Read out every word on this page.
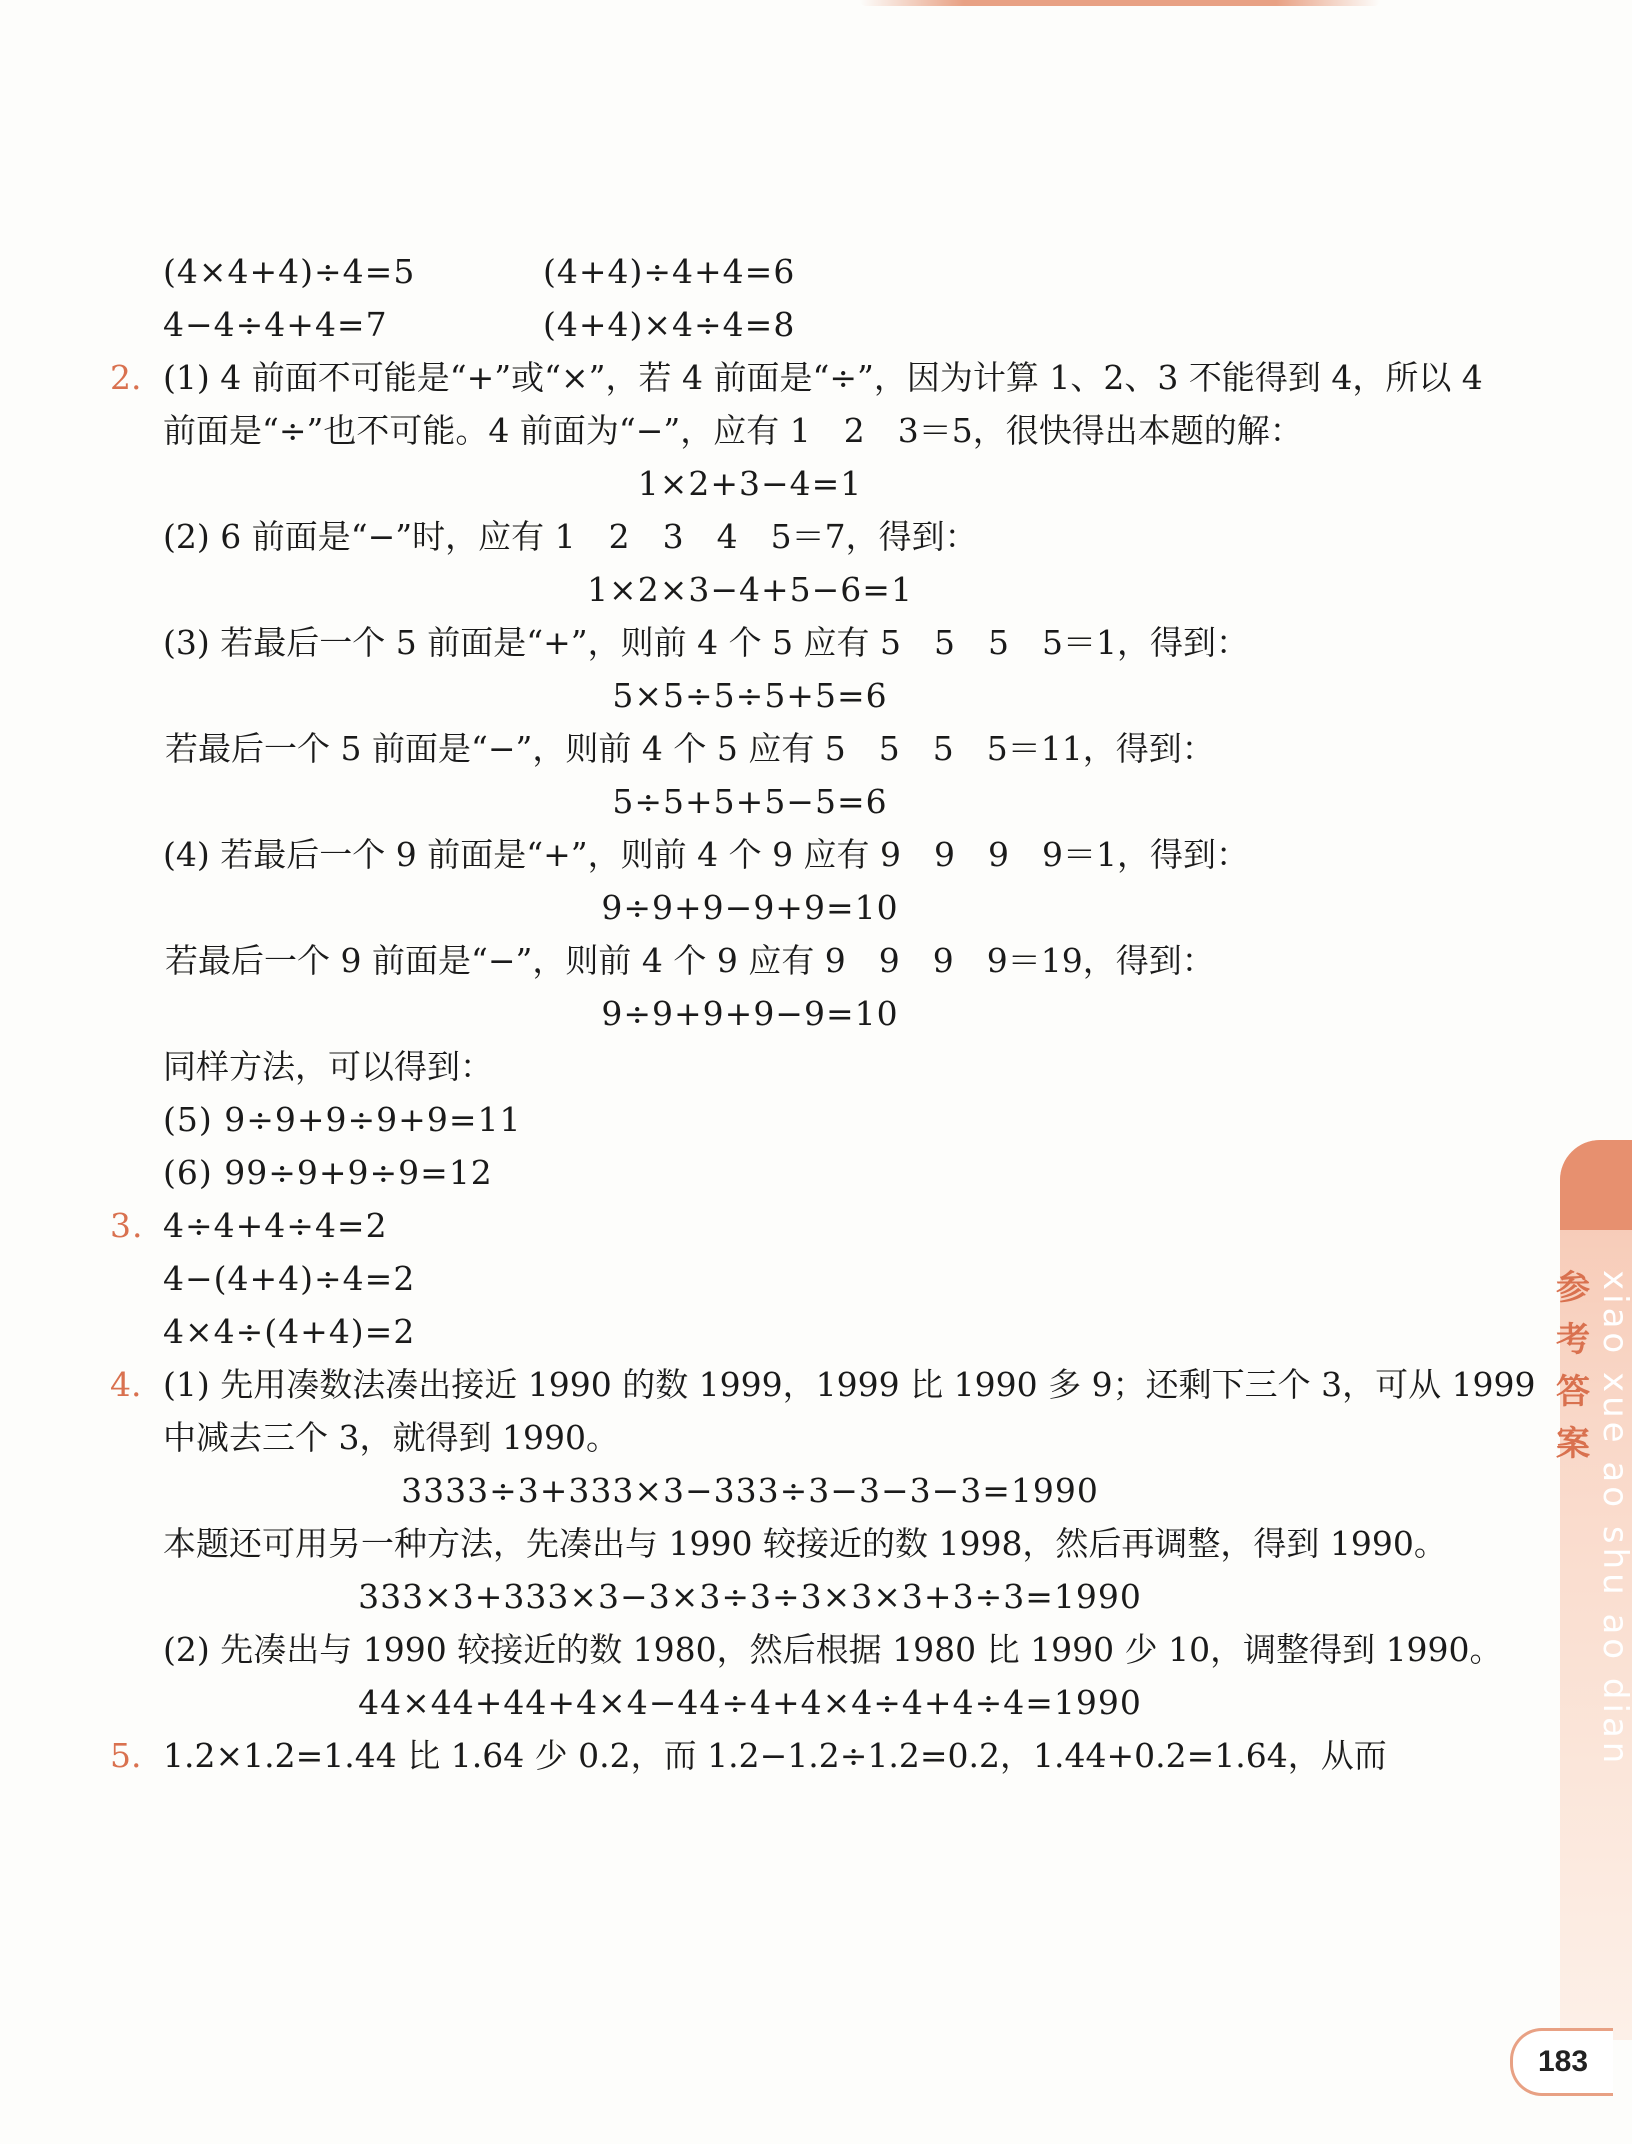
(4×4+4)÷4=5	(4+4)÷4+4=6
4−4÷4+4=7	(4+4)×4÷4=8
2. (1) 4 前面不可能是“+”或“×”，若 4 前面是“÷”，因为计算 1、2、3 不能得到 4，所以 4
前面是“÷”也不可能。4 前面为“−”，应有 1　2　3＝5，很快得出本题的解：
1×2+3−4=1
(2) 6 前面是“−”时，应有 1　2　3　4　5＝7，得到：
1×2×3−4+5−6=1
(3) 若最后一个 5 前面是“+”，则前 4 个 5 应有 5　5　5　5＝1，得到：
5×5÷5÷5+5=6
若最后一个 5 前面是“−”，则前 4 个 5 应有 5　5　5　5＝11，得到：
5÷5+5+5−5=6
(4) 若最后一个 9 前面是“+”，则前 4 个 9 应有 9　9　9　9＝1，得到：
9÷9+9−9+9=10
若最后一个 9 前面是“−”，则前 4 个 9 应有 9　9　9　9＝19，得到：
9÷9+9+9−9=10
同样方法，可以得到：
(5) 9÷9+9÷9+9=11
(6) 99÷9+9÷9=12
3. 4÷4+4÷4=2
4−(4+4)÷4=2
4×4÷(4+4)=2
4. (1) 先用凑数法凑出接近 1990 的数 1999，1999 比 1990 多 9；还剩下三个 3，可从 1999
中减去三个 3，就得到 1990。
3333÷3+333×3−333÷3−3−3−3=1990
本题还可用另一种方法，先凑出与 1990 较接近的数 1998，然后再调整，得到 1990。
333×3+333×3−3×3÷3÷3×3×3+3÷3=1990
(2) 先凑出与 1990 较接近的数 1980，然后根据 1980 比 1990 少 10，调整得到 1990。
44×44+44+4×4−44÷4+4×4÷4+4÷4=1990
5. 1.2×1.2=1.44 比 1.64 少 0.2，而 1.2−1.2÷1.2=0.2，1.44+0.2=1.64，从而
参
考
答
案 xiao xue ao shu ao dian
183
